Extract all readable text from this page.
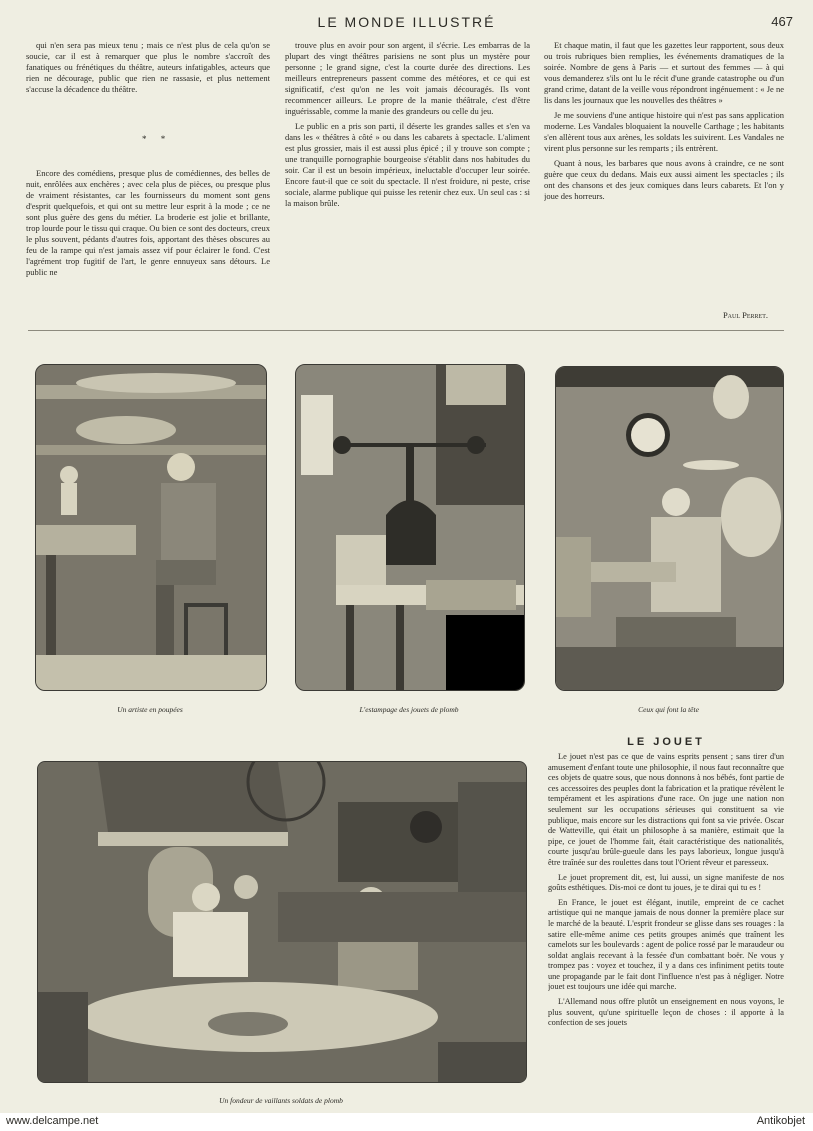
LE MONDE ILLUSTRÉ	467

qui n'en sera pas mieux tenu ; mais ce n'est plus de cela qu'on se soucie, car il est à remarquer que plus le nombre s'accroît des fanatiques ou frénétiques du théâtre, auteurs infatigables, acteurs que rien ne décourage, public que rien ne rassasie, et plus nettement s'accuse la décadence du théâtre.

* *

Encore des comédiens, presque plus de comédiennes, des belles de nuit, enrôlées aux enchères ; avec cela plus de pièces, ou presque plus de vraiment résistantes, car les fournisseurs du moment sont gens d'esprit quelquefois, et qui ont su mettre leur esprit à la mode ; ce ne sont plus guère des gens du métier. La broderie est jolie et brillante, trop lourde pour le tissu qui craque. Ou bien ce sont des docteurs, creux le plus souvent, pédants d'autres fois, apportant des thèses obscures au feu de la rampe qui n'est jamais assez vif pour éclairer le fond. C'est l'agrément trop fugitif de l'art, le genre ennuyeux sans détours. Le public ne

trouve plus en avoir pour son argent, il s'écrie. Les embarras de la plupart des vingt théâtres parisiens ne sont plus un mystère pour personne ; le grand signe, c'est la courte durée des directions. Les meilleurs entrepreneurs passent comme des météores, et ce qui est significatif, c'est qu'on ne les voit jamais découragés. Ils vont recommencer ailleurs. Le propre de la manie théâtrale, c'est d'être inguérissable, comme la manie des grandeurs ou celle du jeu.

Le public en a pris son parti, il déserte les grandes salles et s'en va dans les « théâtres à côté » ou dans les cabarets à spectacle. L'aliment est plus grossier, mais il est aussi plus épicé ; il y trouve son compte ; une tranquille pornographie bourgeoise s'établit dans nos habitudes du soir. Car il est un besoin impérieux, ineluctable d'occuper leur soirée. Encore faut-il que ce soit du spectacle. Il n'est froidure, ni peste, crise sociale, alarme publique qui puisse les retenir chez eux. Un seul cas : si la maison brûle.

Et chaque matin, il faut que les gazettes leur rapportent, sous deux ou trois rubriques bien remplies, les événements dramatiques de la soirée. Nombre de gens à Paris — et surtout des femmes — à qui vous demanderez s'ils ont lu le récit d'une grande catastrophe ou d'un grand crime, datant de la veille vous répondront ingénuement : « Je ne lis dans les journaux que les nouvelles des théâtres »

Je me souviens d'une antique histoire qui n'est pas sans application moderne. Les Vandales bloquaient la nouvelle Carthage ; les habitants s'en allèrent tous aux arènes, les soldats les suivirent. Les Vandales ne virent plus personne sur les remparts ; ils entrèrent.

Quant à nous, les barbares que nous avons à craindre, ce ne sont guère que ceux du dedans. Mais eux aussi aiment les spectacles ; ils ont des chansons et des jeux comiques dans leurs cabarets. Et l'on y joue des horreurs.

Paul Perret.
Un artiste en poupées	L'estampage des jouets de plomb	Ceux qui font la tête
Un fondeur de vaillants soldats de plomb
LE JOUET

Le jouet n'est pas ce que de vains esprits pensent ; sans tirer d'un amusement d'enfant toute une philosophie, il nous faut reconnaître que ces objets de quatre sous, que nous donnons à nos bébés, font partie de ces accessoires des peuples dont la fabrication et la pratique révèlent le tempérament et les aspirations d'une race. On juge une nation non seulement sur les occupations sérieuses qui constituent sa vie publique, mais encore sur les distractions qui font sa vie privée. Oscar de Watteville, qui était un philosophe à sa manière, estimait que la pipe, ce jouet de l'homme fait, était caractéristique des nationalités, courte jusqu'au brûle-gueule dans les pays laborieux, longue jusqu'à être traînée sur des roulettes dans tout l'Orient rêveur et paresseux.

Le jouet proprement dit, est, lui aussi, un signe manifeste de nos goûts esthétiques. Dis-moi ce dont tu joues, je te dirai qui tu es !

En France, le jouet est élégant, inutile, empreint de ce cachet artistique qui ne manque jamais de nous donner la première place sur le marché de la beauté. L'esprit frondeur se glisse dans ses rouages : la satire elle-même anime ces petits groupes animés que traînent les camelots sur les boulevards : agent de police rossé par le maraudeur ou soldat anglais recevant à la fessée d'un combattant boër. Ne vous y trompez pas : voyez et touchez, il y a dans ces infiniment petits toute une propagande par le fait dont l'influence n'est pas à négliger. Notre jouet est toujours une idée qui marche.

L'Allemand nous offre plutôt un enseignement en nous voyons, le plus souvent, qu'une spirituelle leçon de choses : il apporte à la confection de ses jouets

www.delcampe.net	Antikobjet
